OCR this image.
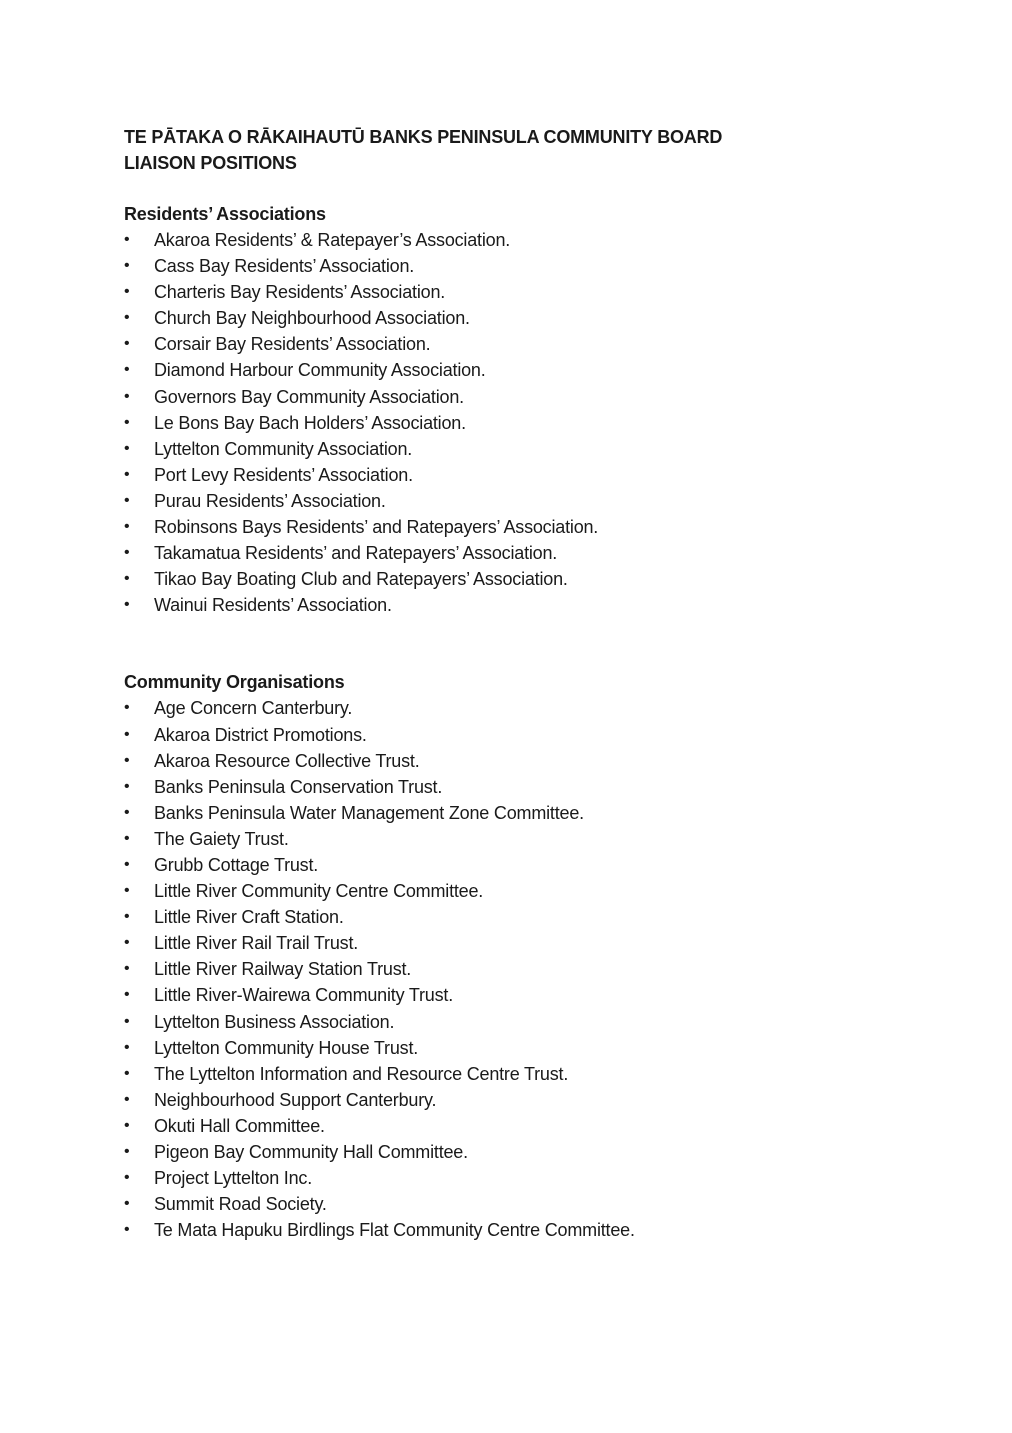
TE PĀTAKA O RĀKAIHAUTŪ BANKS PENINSULA COMMUNITY BOARD
LIAISON POSITIONS
Residents’ Associations
• Akaroa Residents’ & Ratepayer’s Association.
• Cass Bay Residents’ Association.
• Charteris Bay Residents’ Association.
• Church Bay Neighbourhood Association.
• Corsair Bay Residents’ Association.
• Diamond Harbour Community Association.
• Governors Bay Community Association.
• Le Bons Bay Bach Holders’ Association.
• Lyttelton Community Association.
• Port Levy Residents’ Association.
• Purau Residents’ Association.
• Robinsons Bays Residents’ and Ratepayers’ Association.
• Takamatua Residents’ and Ratepayers’ Association.
• Tikao Bay Boating Club and Ratepayers’ Association.
• Wainui Residents’ Association.
Community Organisations
• Age Concern Canterbury.
• Akaroa District Promotions.
• Akaroa Resource Collective Trust.
• Banks Peninsula Conservation Trust.
• Banks Peninsula Water Management Zone Committee.
• The Gaiety Trust.
• Grubb Cottage Trust.
• Little River Community Centre Committee.
• Little River Craft Station.
• Little River Rail Trail Trust.
• Little River Railway Station Trust.
• Little River-Wairewa Community Trust.
• Lyttelton Business Association.
• Lyttelton Community House Trust.
• The Lyttelton Information and Resource Centre Trust.
• Neighbourhood Support Canterbury.
• Okuti Hall Committee.
• Pigeon Bay Community Hall Committee.
• Project Lyttelton Inc.
• Summit Road Society.
• Te Mata Hapuku Birdlings Flat Community Centre Committee.
